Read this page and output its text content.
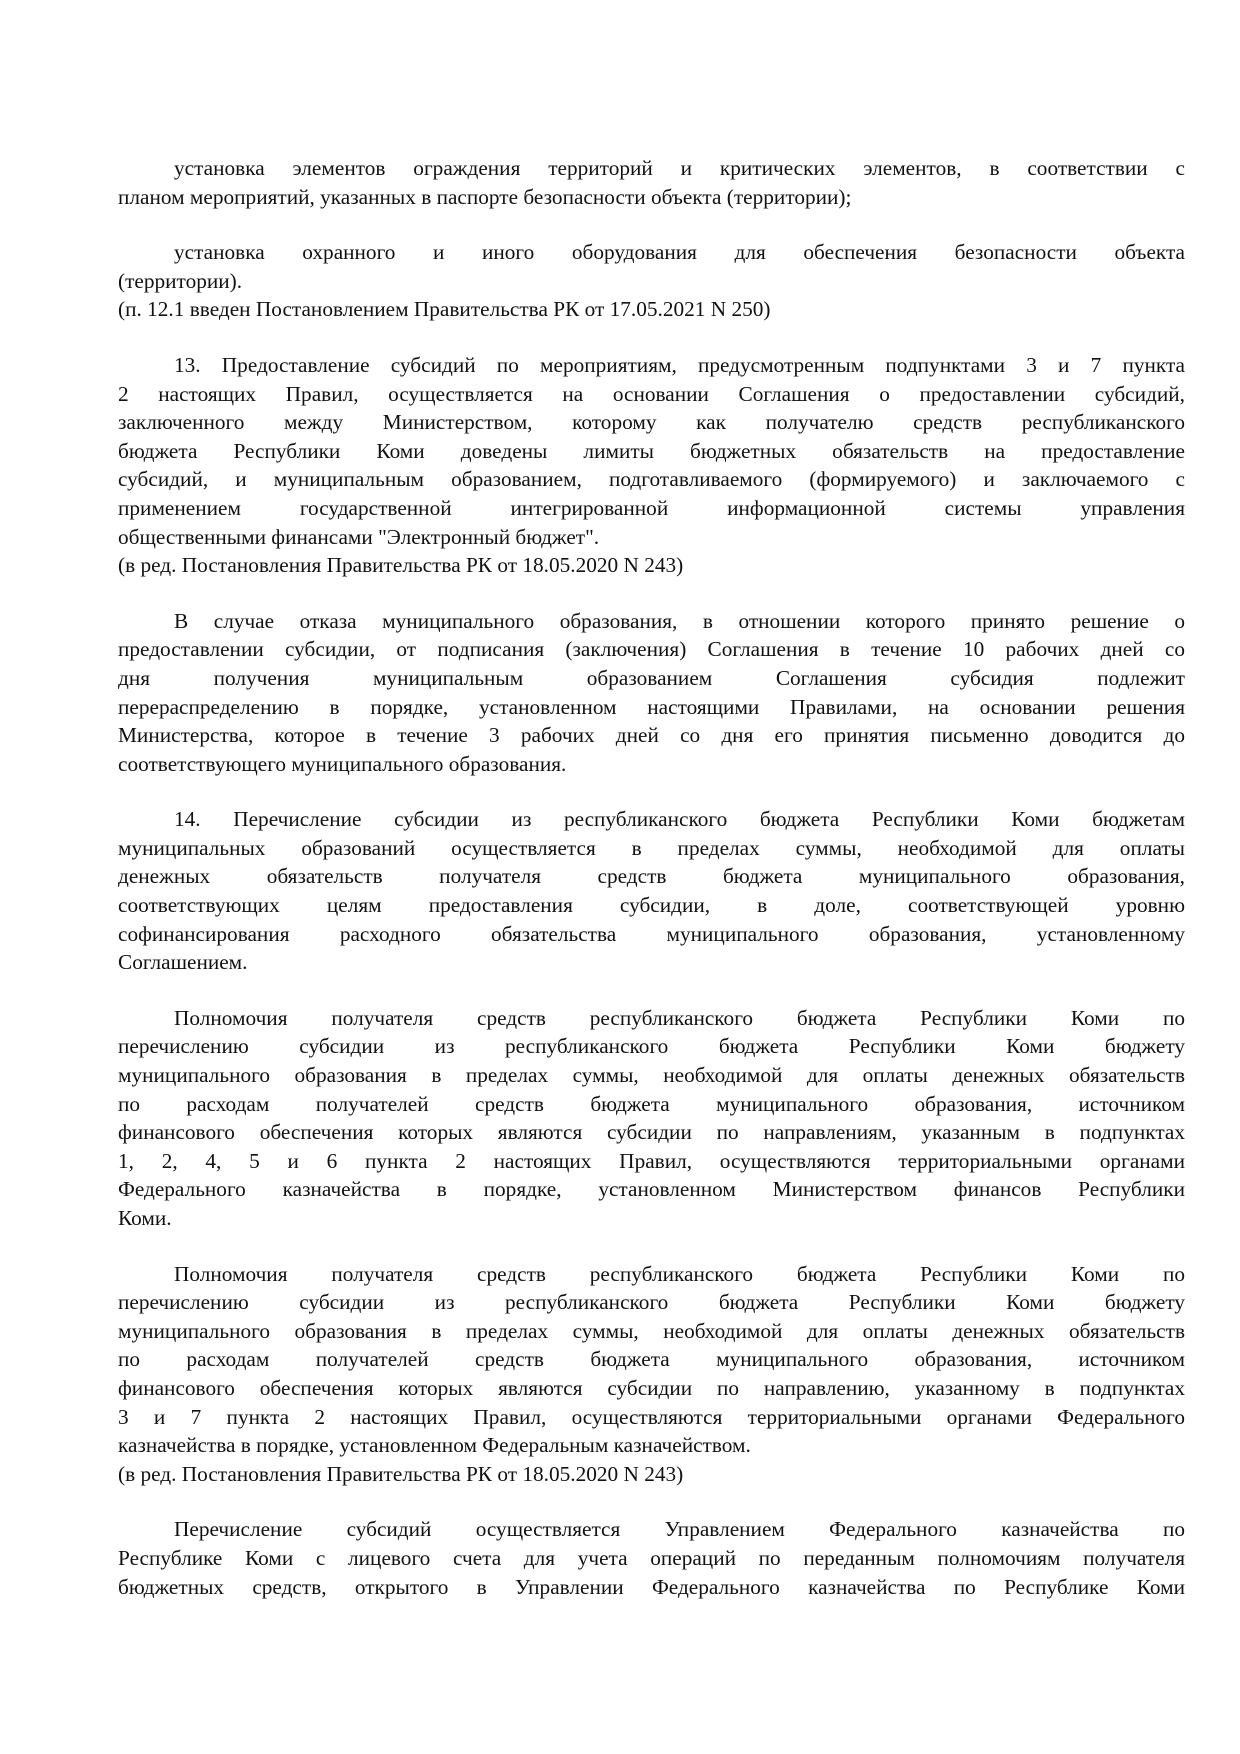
установка элементов ограждения территорий и критических элементов, в соответствии с
планом мероприятий, указанных в паспорте безопасности объекта (территории);
установка охранного и иного оборудования для обеспечения безопасности объекта
(территории).
(п. 12.1 введен Постановлением Правительства РК от 17.05.2021 N 250)
13. Предоставление субсидий по мероприятиям, предусмотренным подпунктами 3 и 7 пункта
2 настоящих Правил, осуществляется на основании Соглашения о предоставлении субсидий,
заключенного между Министерством, которому как получателю средств республиканского
бюджета Республики Коми доведены лимиты бюджетных обязательств на предоставление
субсидий, и муниципальным образованием, подготавливаемого (формируемого) и заключаемого с
применением государственной интегрированной информационной системы управления
общественными финансами "Электронный бюджет".
(в ред. Постановления Правительства РК от 18.05.2020 N 243)
В случае отказа муниципального образования, в отношении которого принято решение о
предоставлении субсидии, от подписания (заключения) Соглашения в течение 10 рабочих дней со
дня получения муниципальным образованием Соглашения субсидия подлежит
перераспределению в порядке, установленном настоящими Правилами, на основании решения
Министерства, которое в течение 3 рабочих дней со дня его принятия письменно доводится до
соответствующего муниципального образования.
14. Перечисление субсидии из республиканского бюджета Республики Коми бюджетам
муниципальных образований осуществляется в пределах суммы, необходимой для оплаты
денежных обязательств получателя средств бюджета муниципального образования,
соответствующих целям предоставления субсидии, в доле, соответствующей уровню
софинансирования расходного обязательства муниципального образования, установленному
Соглашением.
Полномочия получателя средств республиканского бюджета Республики Коми по
перечислению субсидии из республиканского бюджета Республики Коми бюджету
муниципального образования в пределах суммы, необходимой для оплаты денежных обязательств
по расходам получателей средств бюджета муниципального образования, источником
финансового обеспечения которых являются субсидии по направлениям, указанным в подпунктах
1, 2, 4, 5 и 6 пункта 2 настоящих Правил, осуществляются территориальными органами
Федерального казначейства в порядке, установленном Министерством финансов Республики
Коми.
Полномочия получателя средств республиканского бюджета Республики Коми по
перечислению субсидии из республиканского бюджета Республики Коми бюджету
муниципального образования в пределах суммы, необходимой для оплаты денежных обязательств
по расходам получателей средств бюджета муниципального образования, источником
финансового обеспечения которых являются субсидии по направлению, указанному в подпунктах
3 и 7 пункта 2 настоящих Правил, осуществляются территориальными органами Федерального
казначейства в порядке, установленном Федеральным казначейством.
(в ред. Постановления Правительства РК от 18.05.2020 N 243)
Перечисление субсидий осуществляется Управлением Федерального казначейства по
Республике Коми с лицевого счета для учета операций по переданным полномочиям получателя
бюджетных средств, открытого в Управлении Федерального казначейства по Республике Коми
